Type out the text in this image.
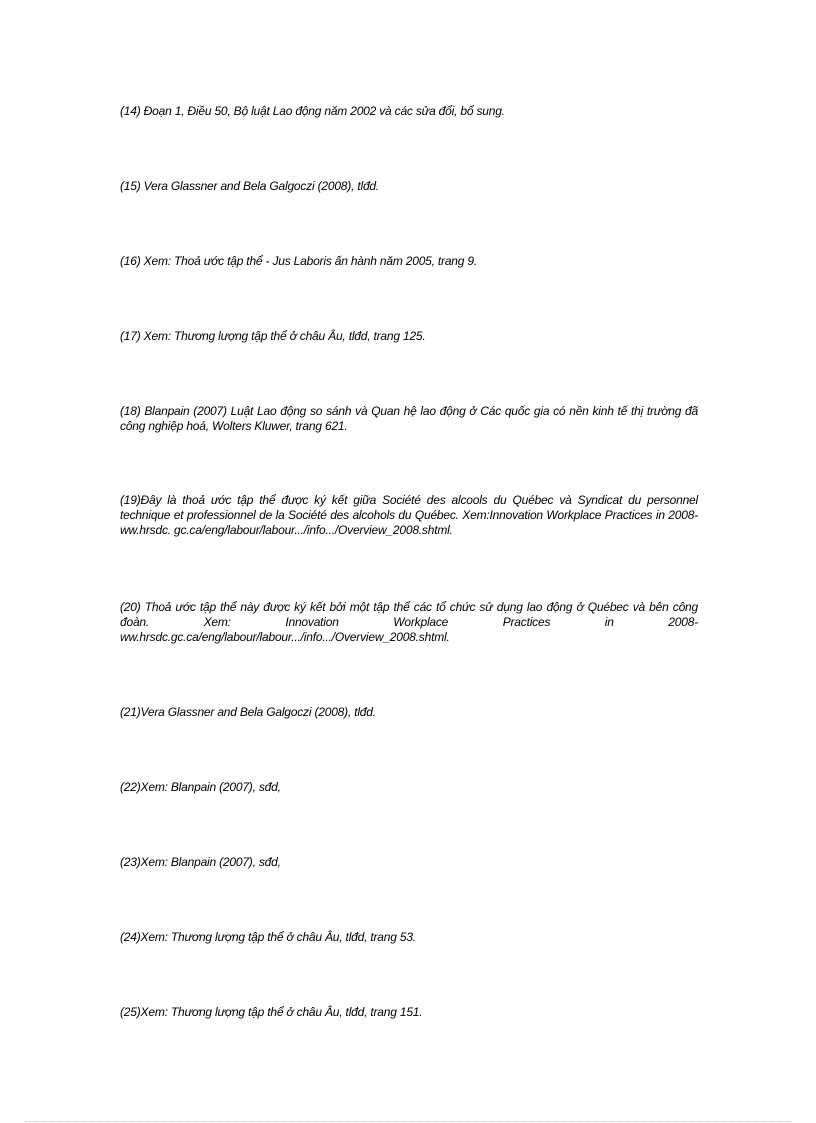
(14) Đoạn 1, Điều 50, Bộ luật Lao động năm 2002 và các sửa đổi, bổ sung.

(15) Vera Glassner and Bela Galgoczi (2008), tlđd.

(16) Xem: Thoả ước tập thể - Jus Laboris ấn hành năm 2005, trang 9.

(17) Xem: Thương lượng tập thể ở châu Âu, tlđd, trang 125.

(18) Blanpain (2007) Luật Lao động so sánh và Quan hệ lao động ở Các quốc gia có nền kinh tế thị trường đã công nghiệp hoá, Wolters Kluwer, trang 621.

(19)Đây là thoả ước tập thể được ký kết giữa Société des alcools du Québec và Syndicat du personnel technique et professionnel de la Société des alcohols du Québec. Xem:Innovation Workplace Practices in 2008-ww.hrsdc. gc.ca/eng/labour/labour.../info.../Overview_2008.shtml.

(20) Thoả ước tập thể này được ký kết bởi một tập thể các tổ chức sử dụng lao động ở Québec và bên công đoàn. Xem: Innovation Workplace Practices in 2008-ww.hrsdc.gc.ca/eng/labour/labour.../info.../Overview_2008.shtml.

(21)Vera Glassner and Bela Galgoczi (2008), tlđd.

(22)Xem: Blanpain (2007), sđd,

(23)Xem: Blanpain (2007), sđd,

(24)Xem: Thương lượng tập thể ở châu Âu, tlđd, trang 53.

(25)Xem: Thương lượng tập thể ở châu Âu, tlđd, trang 151.
